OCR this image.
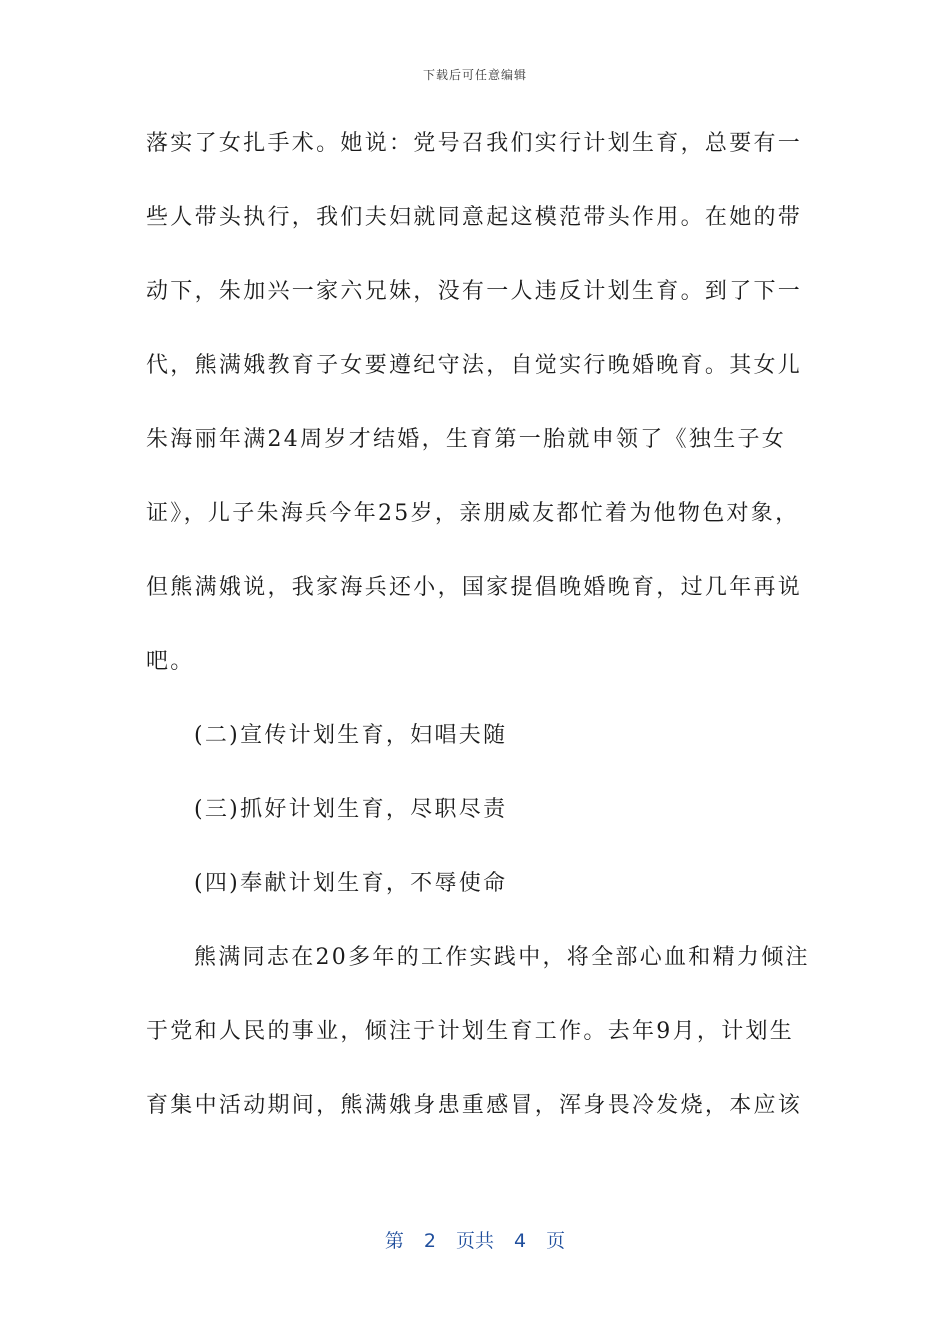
下载后可任意编辑
落实了女扎手术。她说：党号召我们实行计划生育，总要有一
些人带头执行，我们夫妇就同意起这模范带头作用。在她的带
动下，朱加兴一家六兄妹，没有一人违反计划生育。到了下一
代，熊满娥教育子女要遵纪守法，自觉实行晚婚晚育。其女儿
朱海丽年满24周岁才结婚，生育第一胎就申领了《独生子女
证》，儿子朱海兵今年25岁，亲朋威友都忙着为他物色对象，
但熊满娥说，我家海兵还小，国家提倡晚婚晚育，过几年再说
吧。
(二)宣传计划生育，妇唱夫随
(三)抓好计划生育，尽职尽责
(四)奉献计划生育，不辱使命
熊满同志在20多年的工作实践中，将全部心血和精力倾注
于党和人民的事业，倾注于计划生育工作。去年9月，计划生
育集中活动期间，熊满娥身患重感冒，浑身畏冷发烧，本应该
第 2 页共 4 页
